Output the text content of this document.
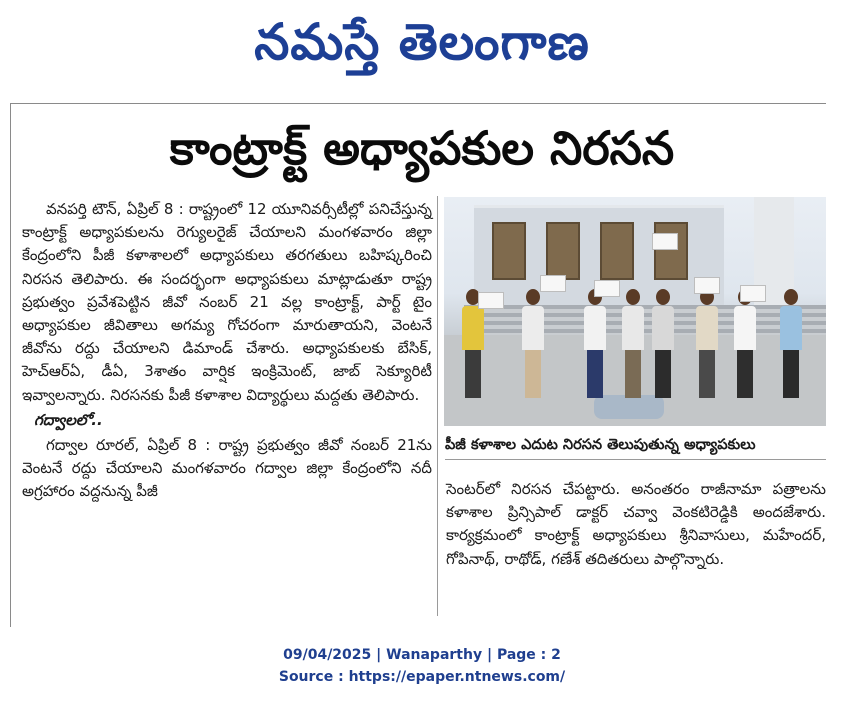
నమస్తే తెలంగాణ
కాంట్రాక్ట్ అధ్యాపకుల నిరసన

వనపర్తి టౌన్, ఏప్రిల్ 8 : రాష్ట్రంలో 12 యూనివర్సీటీల్లో పనిచేస్తున్న కాంట్రాక్ట్ అధ్యాపకులను రెగ్యులరైజ్ చేయాలని మంగళవారం జిల్లా కేంద్రంలోని పీజీ కళాశాలలో అధ్యాపకులు తరగతులు బహిష్కరించి నిరసన తెలిపారు. ఈ సందర్భంగా అధ్యాపకులు మాట్లాడుతూ రాష్ట్ర ప్రభుత్వం ప్రవేశపెట్టిన జీవో నంబర్ 21 వల్ల కాంట్రాక్ట్, పార్ట్ టైం అధ్యాపకుల జీవితాలు అగమ్య గోచరంగా మారుతాయని, వెంటనే జీవోను రద్దు చేయాలని డిమాండ్ చేశారు. అధ్యాపకులకు బేసిక్, హెచ్ఆర్ఏ, డీఏ, 3శాతం వార్షిక ఇంక్రిమెంట్, జాబ్ సెక్యూరిటీ ఇవ్వాలన్నారు. నిరసనకు పీజీ కళాశాల విద్యార్థులు మద్దతు తెలిపారు.

గద్వాలలో..

గద్వాల రూరల్, ఏప్రిల్ 8 : రాష్ట్ర ప్రభుత్వం జీవో నంబర్ 21ను వెంటనే రద్దు చేయాలని మంగళవారం గద్వాల జిల్లా కేంద్రంలోని నదీ అగ్రహారం వద్దనున్న పీజీ

పీజీ కళాశాల ఎదుట నిరసన తెలుపుతున్న అధ్యాపకులు

సెంటర్‌లో నిరసన చేపట్టారు. అనంతరం రాజీనామా పత్రాలను కళాశాల ప్రిన్సిపాల్ డాక్టర్ చవ్వా వెంకటిరెడ్డికి అందజేశారు. కార్యక్రమంలో కాంట్రాక్ట్ అధ్యాపకులు శ్రీనివాసులు, మహేందర్, గోపినాథ్, రాథోడ్, గణేశ్ తదితరులు పాల్గొన్నారు.

09/04/2025 | Wanaparthy | Page : 2
Source : https://epaper.ntnews.com/
